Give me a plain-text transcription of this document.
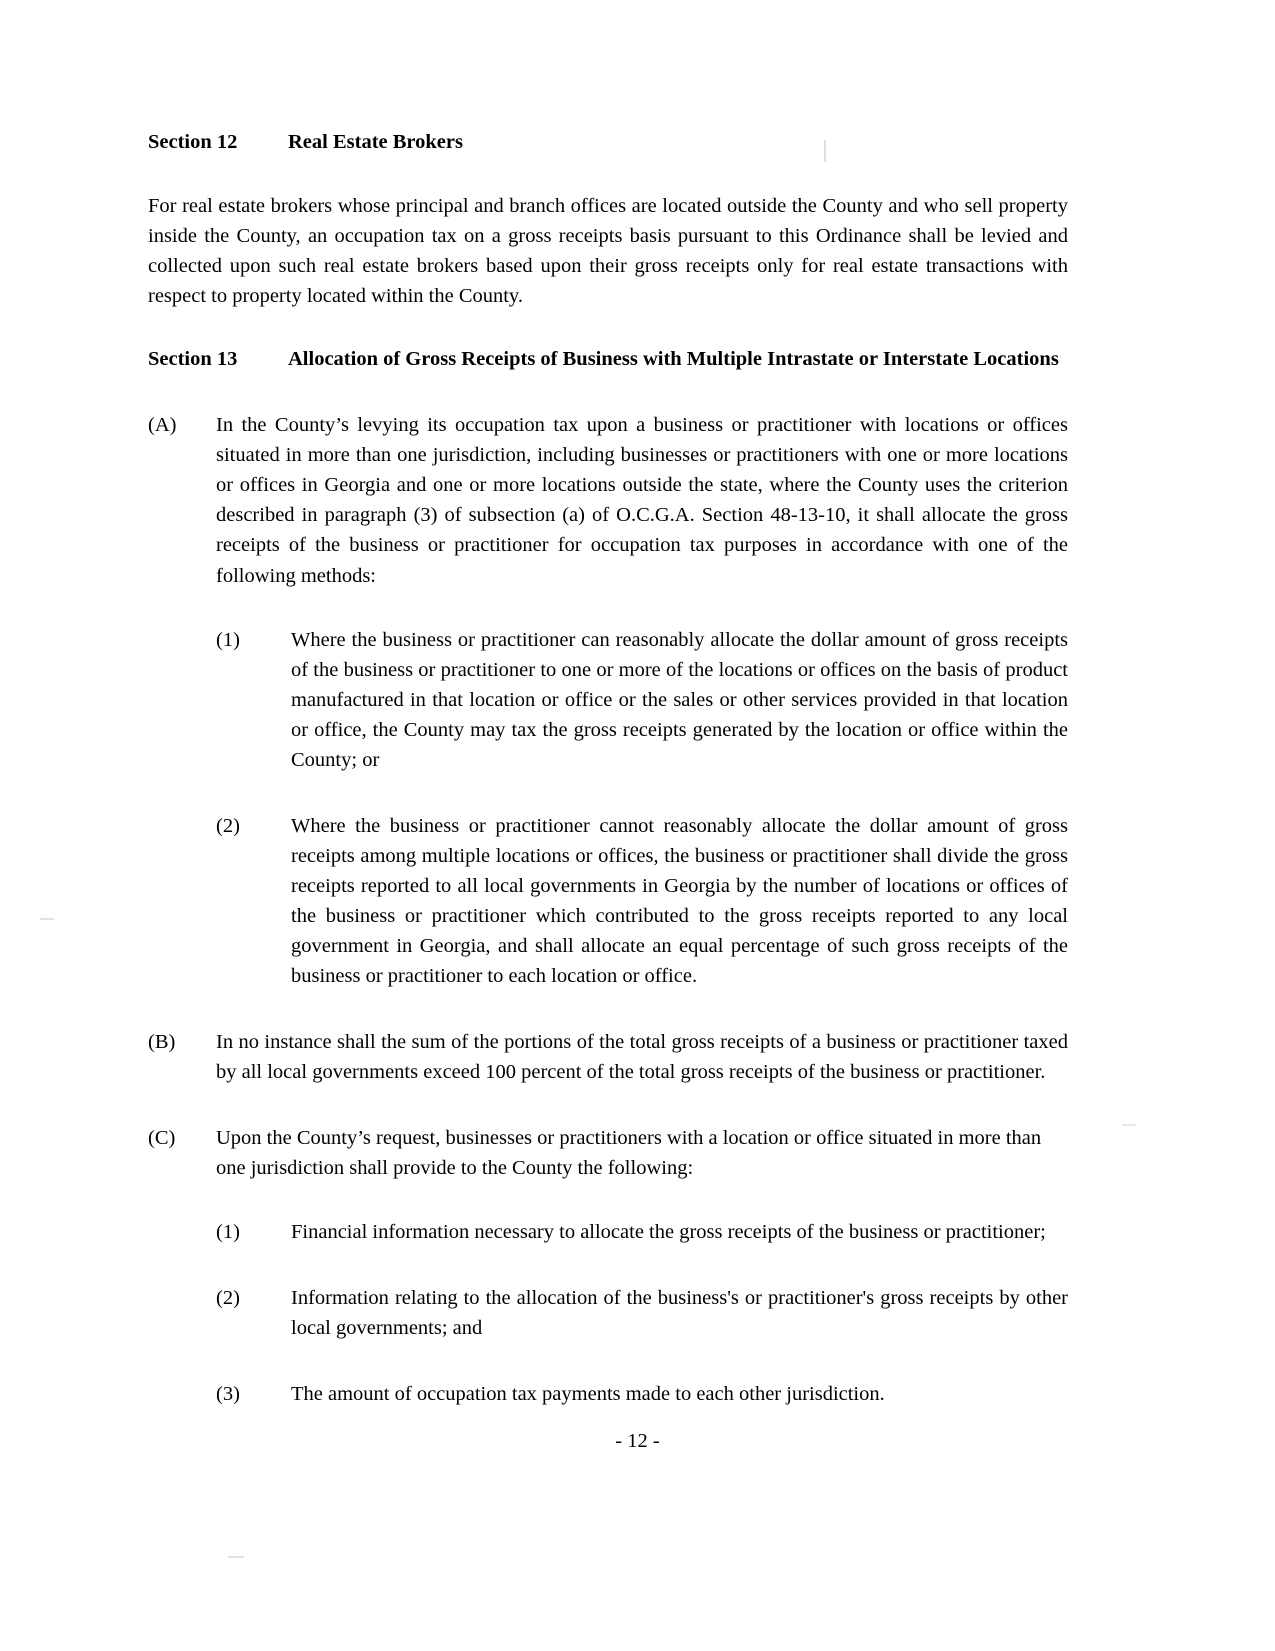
Section 12	Real Estate Brokers
For real estate brokers whose principal and branch offices are located outside the County and who sell property inside the County, an occupation tax on a gross receipts basis pursuant to this Ordinance shall be levied and collected upon such real estate brokers based upon their gross receipts only for real estate transactions with respect to property located within the County.
Section 13	Allocation of Gross Receipts of Business with Multiple Intrastate or Interstate Locations
(A)	In the County’s levying its occupation tax upon a business or practitioner with locations or offices situated in more than one jurisdiction, including businesses or practitioners with one or more locations or offices in Georgia and one or more locations outside the state, where the County uses the criterion described in paragraph (3) of subsection (a) of O.C.G.A. Section 48-13-10, it shall allocate the gross receipts of the business or practitioner for occupation tax purposes in accordance with one of the following methods:
(1)	Where the business or practitioner can reasonably allocate the dollar amount of gross receipts of the business or practitioner to one or more of the locations or offices on the basis of product manufactured in that location or office or the sales or other services provided in that location or office, the County may tax the gross receipts generated by the location or office within the County; or
(2)	Where the business or practitioner cannot reasonably allocate the dollar amount of gross receipts among multiple locations or offices, the business or practitioner shall divide the gross receipts reported to all local governments in Georgia by the number of locations or offices of the business or practitioner which contributed to the gross receipts reported to any local government in Georgia, and shall allocate an equal percentage of such gross receipts of the business or practitioner to each location or office.
(B)	In no instance shall the sum of the portions of the total gross receipts of a business or practitioner taxed by all local governments exceed 100 percent of the total gross receipts of the business or practitioner.
(C)	Upon the County’s request, businesses or practitioners with a location or office situated in more than one jurisdiction shall provide to the County the following:
(1)	Financial information necessary to allocate the gross receipts of the business or practitioner;
(2)	Information relating to the allocation of the business's or practitioner's gross receipts by other local governments; and
(3)	The amount of occupation tax payments made to each other jurisdiction.
- 12 -
